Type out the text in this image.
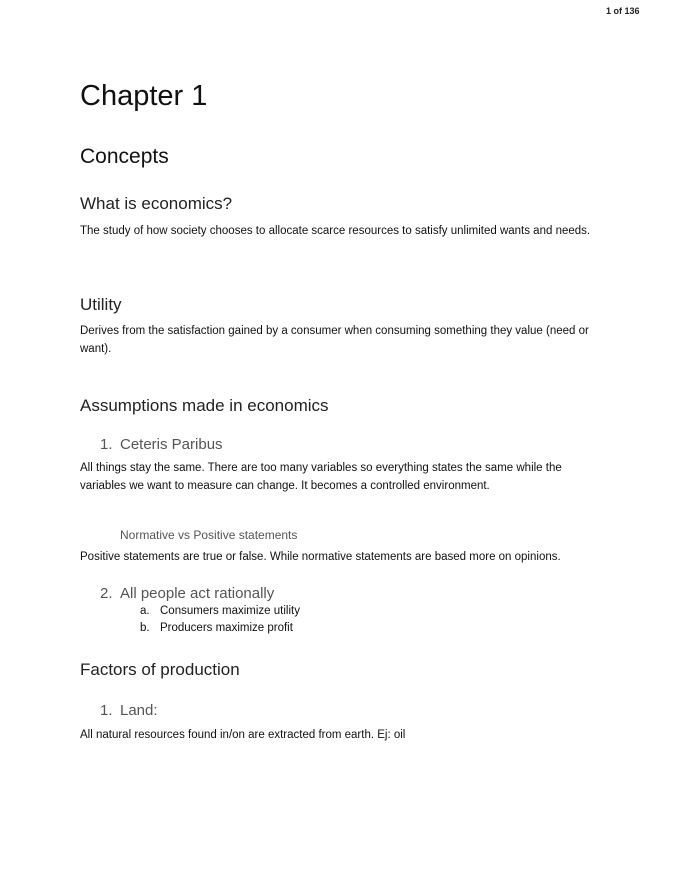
1 of 136
Chapter 1
Concepts
What is economics?

The study of how society chooses to allocate scarce resources to satisfy unlimited wants and needs.

Utility

Derives from the satisfaction gained by a consumer when consuming something they value (need or want).

Assumptions made in economics
1. Ceteris Paribus

All things stay the same. There are too many variables so everything states the same while the variables we want to measure can change. It becomes a controlled environment.

Normative vs Positive statements

Positive statements are true or false. While normative statements are based more on opinions.

2. All people act rationally
a. Consumers maximize utility
b. Producers maximize profit
Factors of production
1. Land:

All natural resources found in/on are extracted from earth. Ej: oil
